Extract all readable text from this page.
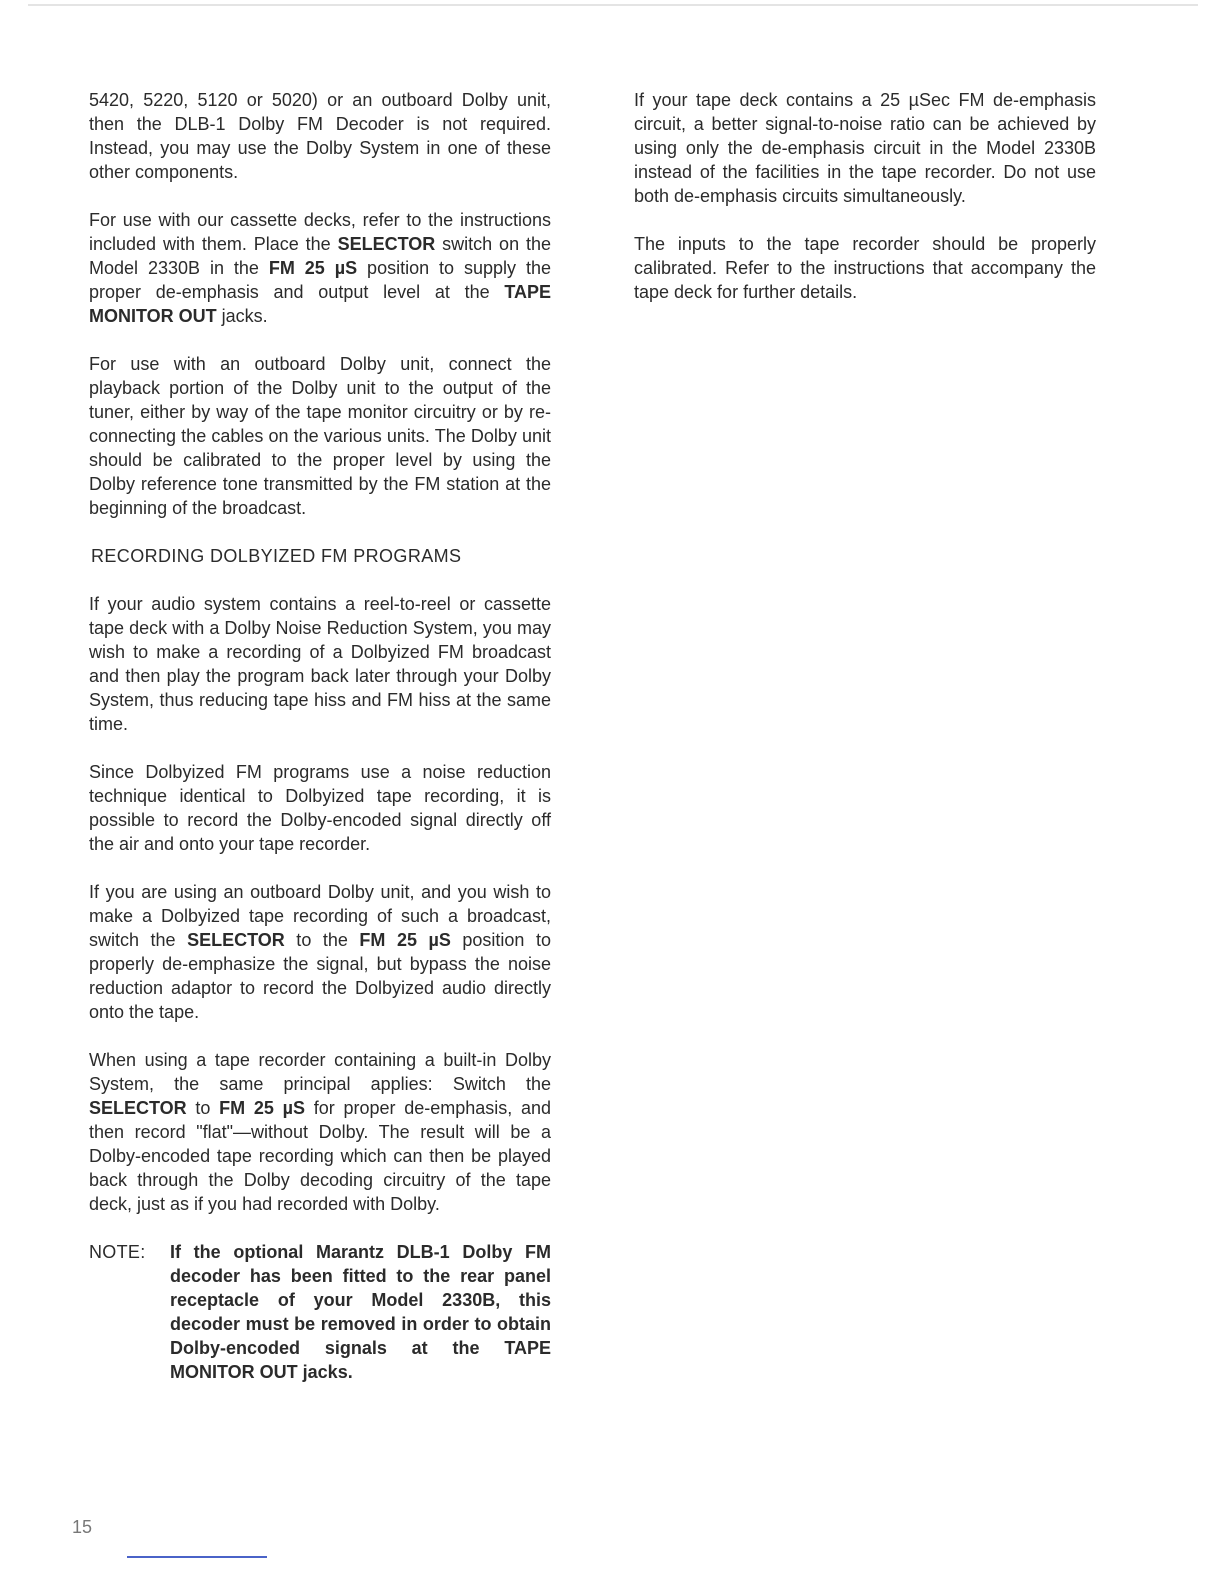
5420, 5220, 5120 or 5020) or an outboard Dolby unit, then the DLB-1 Dolby FM Decoder is not required. Instead, you may use the Dolby System in one of these other components.

For use with our cassette decks, refer to the instructions included with them. Place the SELECTOR switch on the Model 2330B in the FM 25 µS position to supply the proper de-emphasis and output level at the TAPE MONITOR OUT jacks.

For use with an outboard Dolby unit, connect the playback portion of the Dolby unit to the output of the tuner, either by way of the tape monitor circuitry or by re-connecting the cables on the various units. The Dolby unit should be calibrated to the proper level by using the Dolby reference tone transmitted by the FM station at the beginning of the broadcast.

RECORDING DOLBYIZED FM PROGRAMS

If your audio system contains a reel-to-reel or cassette tape deck with a Dolby Noise Reduction System, you may wish to make a recording of a Dolbyized FM broadcast and then play the program back later through your Dolby System, thus reducing tape hiss and FM hiss at the same time.

Since Dolbyized FM programs use a noise reduction technique identical to Dolbyized tape recording, it is possible to record the Dolby-encoded signal directly off the air and onto your tape recorder.

If you are using an outboard Dolby unit, and you wish to make a Dolbyized tape recording of such a broadcast, switch the SELECTOR to the FM 25 µS position to properly de-emphasize the signal, but bypass the noise reduction adaptor to record the Dolbyized audio directly onto the tape.

When using a tape recorder containing a built-in Dolby System, the same principal applies: Switch the SELECTOR to FM 25 µS for proper de-emphasis, and then record "flat"—without Dolby. The result will be a Dolby-encoded tape recording which can then be played back through the Dolby decoding circuitry of the tape deck, just as if you had recorded with Dolby.

NOTE:	If the optional Marantz DLB-1 Dolby FM decoder has been fitted to the rear panel receptacle of your Model 2330B, this decoder must be removed in order to obtain Dolby-encoded signals at the TAPE MONITOR OUT jacks.

If your tape deck contains a 25 µSec FM de-emphasis circuit, a better signal-to-noise ratio can be achieved by using only the de-emphasis circuit in the Model 2330B instead of the facilities in the tape recorder. Do not use both de-emphasis circuits simultaneously.

The inputs to the tape recorder should be properly calibrated. Refer to the instructions that accompany the tape deck for further details.

15
